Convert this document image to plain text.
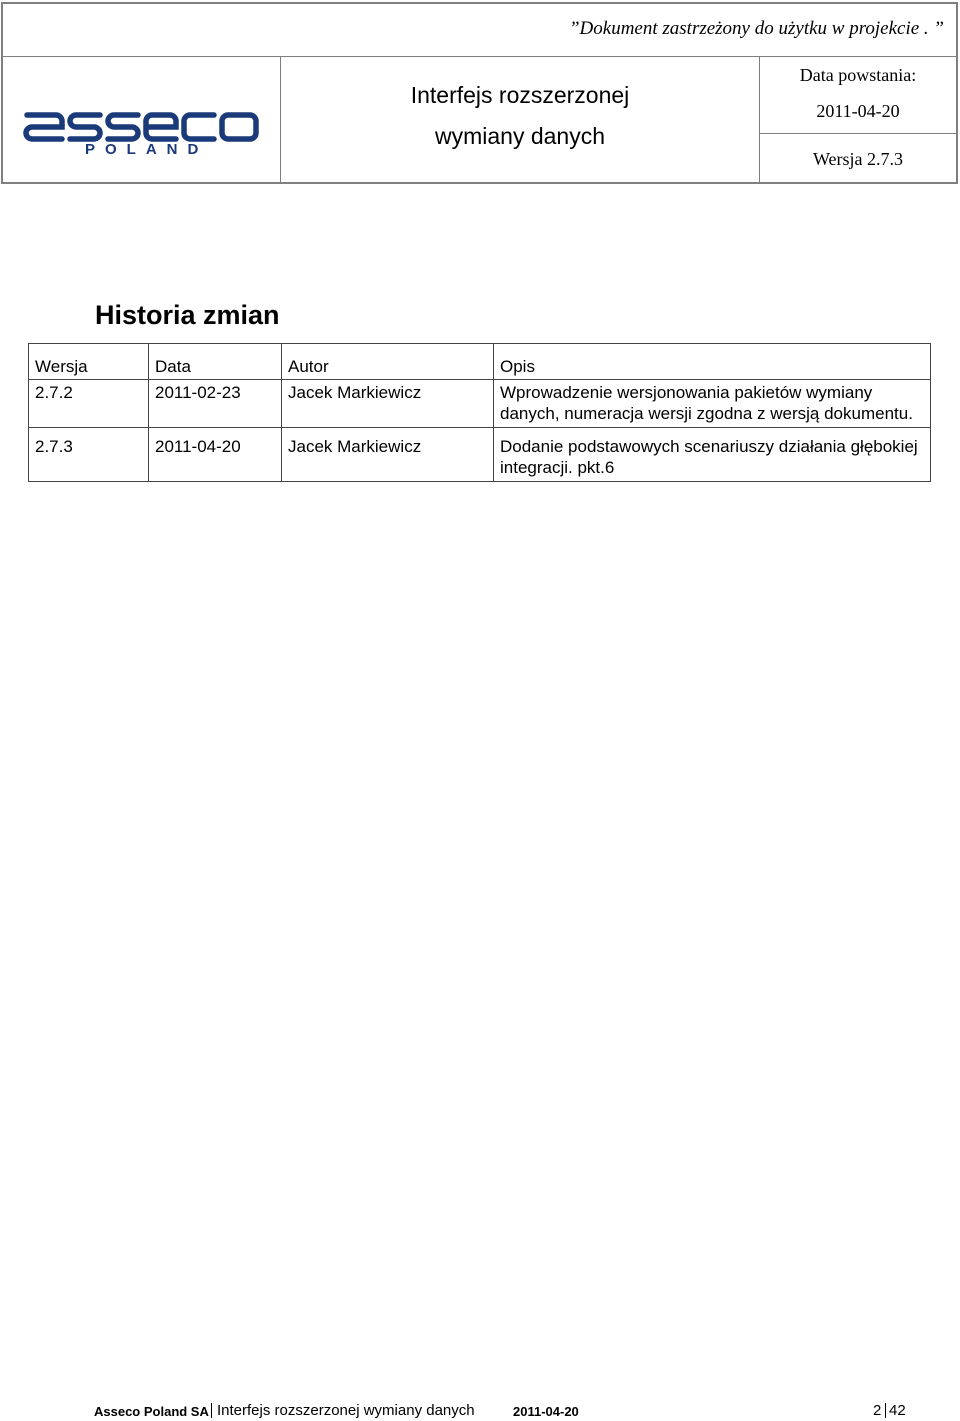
”Dokument zastrzeżony do użytku w projekcie . ”
POLAND
Interfejs rozszerzonej
wymiany danych
Data powstania:
2011-04-20
Wersja 2.7.3
Historia zmian
Wersja	Data	Autor	Opis
2.7.2	2011-02-23	Jacek Markiewicz	Wprowadzenie wersjonowania pakietów wymiany danych, numeracja wersji zgodna z wersją dokumentu.
2.7.3	2011-04-20	Jacek Markiewicz	Dodanie podstawowych scenariuszy działania głębokiej integracji. pkt.6
Asseco Poland SA Interfejs rozszerzonej wymiany danych	2011-04-20	2 42
